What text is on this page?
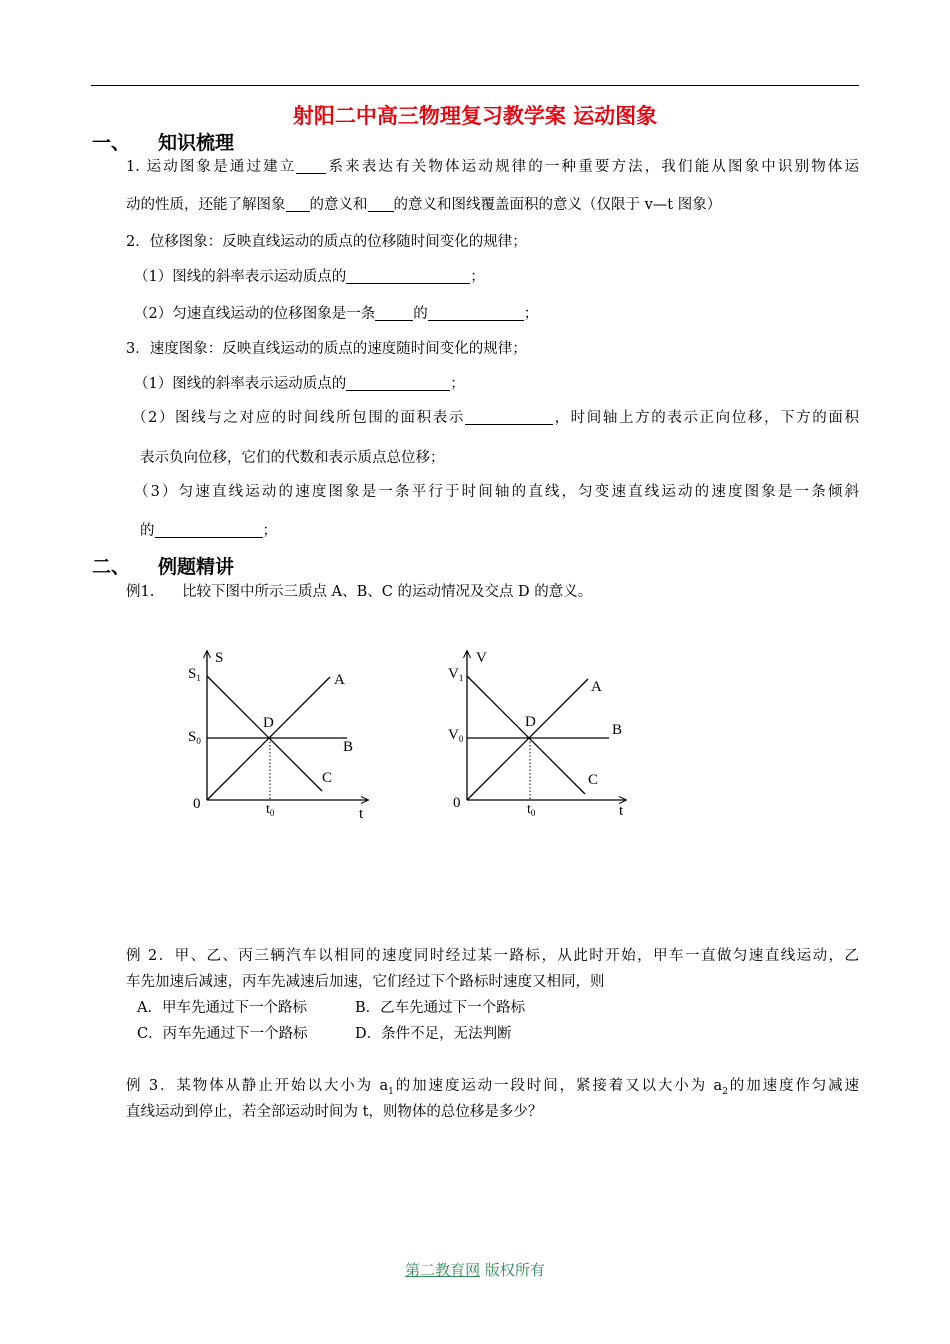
射阳二中高三物理复习教学案 运动图象
一、 知识梳理
1. 运动图象是通过建立 系来表达有关物体运动规律的一种重要方法，我们能从图象中识别物体运
动的性质，还能了解图象 的意义和 的意义和图线覆盖面积的意义（仅限于 v—t 图象）
2．位移图象：反映直线运动的质点的位移随时间变化的规律；
（1）图线的斜率表示运动质点的	；
（2）匀速直线运动的位移图象是一条	的	；
3．速度图象：反映直线运动的质点的速度随时间变化的规律；
（1）图线的斜率表示运动质点的	；
（2）图线与之对应的时间线所包围的面积表示	，时间轴上方的表示正向位移，下方的面积
表示负向位移，它们的代数和表示质点总位移；
（3）匀速直线运动的速度图象是一条平行于时间轴的直线，匀变速直线运动的速度图象是一条倾斜
的	；
二、 例题精讲
例1. 比较下图中所示三质点 A、B、C 的运动情况及交点 D 的意义。
S
$S_1$
$S_0$
0	$t_0$	t
A
B
C
D
V
$V_1$
$V_0$
0	$t_0$	t
A
B
C
D
例 2．甲、乙、丙三辆汽车以相同的速度同时经过某一路标，从此时开始，甲车一直做匀速直线运动，乙
车先加速后减速，丙车先减速后加速，它们经过下个路标时速度又相同，则
A．甲车先通过下一个路标	B．乙车先通过下一个路标
C．丙车先通过下一个路标	D．条件不足，无法判断
例 3．某物体从静止开始以大小为 $a_1$的加速度运动一段时间，紧接着又以大小为 $a_2$的加速度作匀减速
直线运动到停止，若全部运动时间为 t，则物体的总位移是多少？
第二教育网 版权所有
